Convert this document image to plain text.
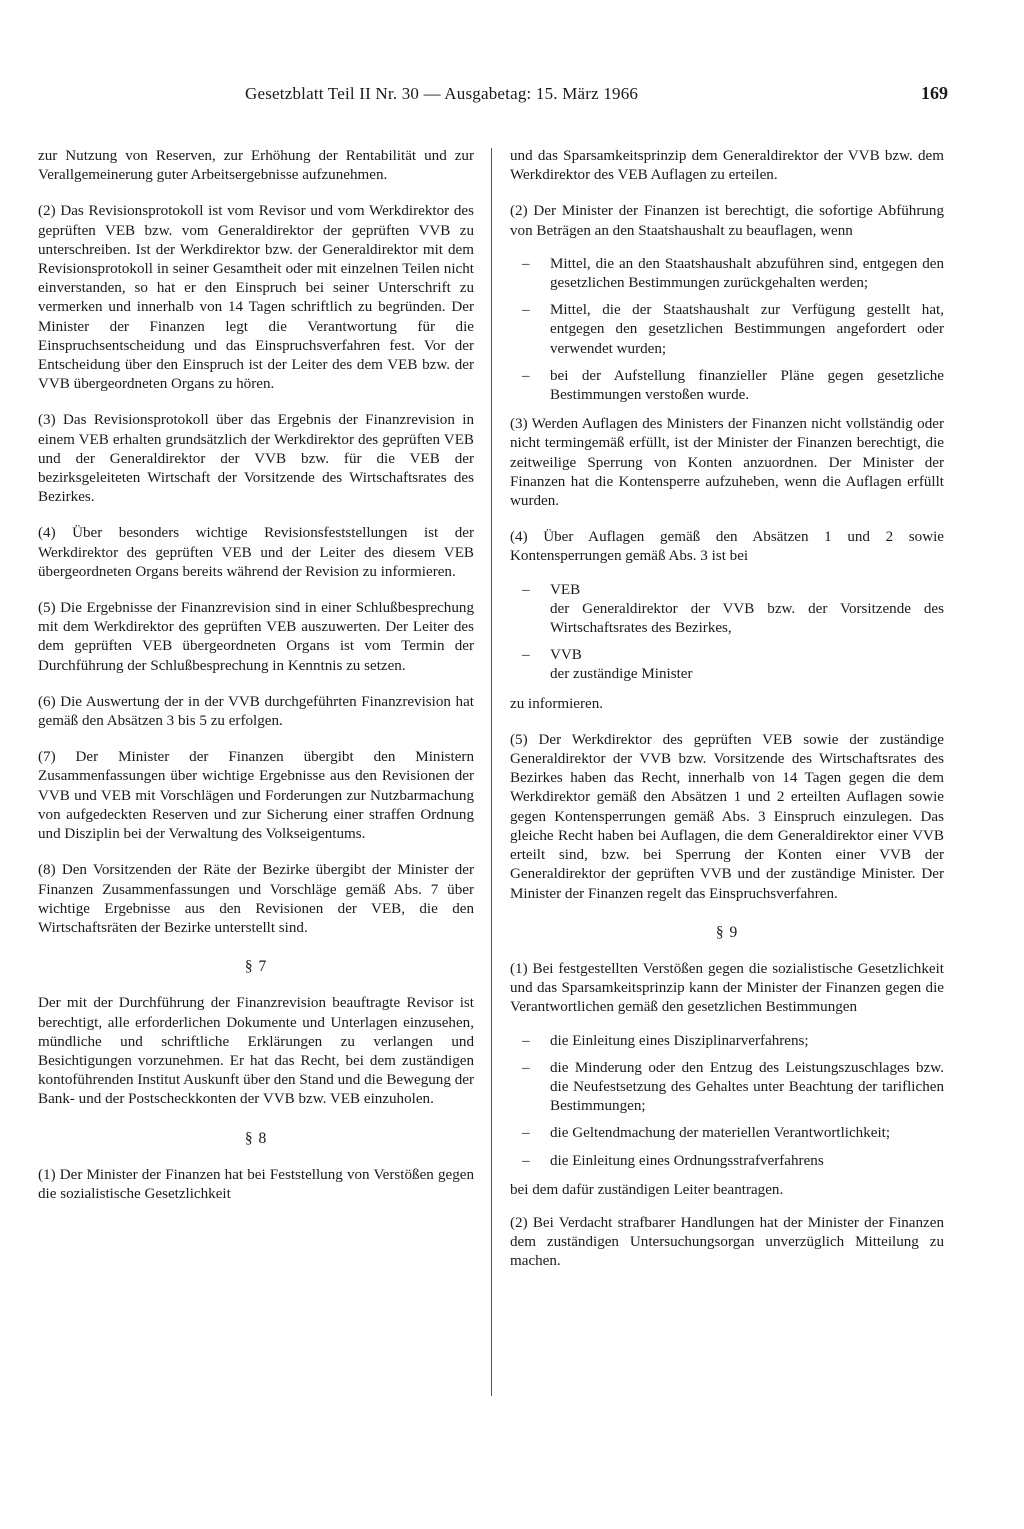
Gesetzblatt Teil II Nr. 30 — Ausgabetag: 15. März 1966	169

zur Nutzung von Reserven, zur Erhöhung der Rentabilität und zur Verallgemeinerung guter Arbeitsergebnisse aufzunehmen.

(2) Das Revisionsprotokoll ist vom Revisor und vom Werkdirektor des geprüften VEB bzw. vom Generaldirektor der geprüften VVB zu unterschreiben. Ist der Werkdirektor bzw. der Generaldirektor mit dem Revisionsprotokoll in seiner Gesamtheit oder mit einzelnen Teilen nicht einverstanden, so hat er den Einspruch bei seiner Unterschrift zu vermerken und innerhalb von 14 Tagen schriftlich zu begründen. Der Minister der Finanzen legt die Verantwortung für die Einspruchsentscheidung und das Einspruchsverfahren fest. Vor der Entscheidung über den Einspruch ist der Leiter des dem VEB bzw. der VVB übergeordneten Organs zu hören.

(3) Das Revisionsprotokoll über das Ergebnis der Finanzrevision in einem VEB erhalten grundsätzlich der Werkdirektor des geprüften VEB und der Generaldirektor der VVB bzw. für die VEB der bezirksgeleiteten Wirtschaft der Vorsitzende des Wirtschaftsrates des Bezirkes.

(4) Über besonders wichtige Revisionsfeststellungen ist der Werkdirektor des geprüften VEB und der Leiter des diesem VEB übergeordneten Organs bereits während der Revision zu informieren.

(5) Die Ergebnisse der Finanzrevision sind in einer Schlußbesprechung mit dem Werkdirektor des geprüften VEB auszuwerten. Der Leiter des dem geprüften VEB übergeordneten Organs ist vom Termin der Durchführung der Schlußbesprechung in Kenntnis zu setzen.

(6) Die Auswertung der in der VVB durchgeführten Finanzrevision hat gemäß den Absätzen 3 bis 5 zu erfolgen.

(7) Der Minister der Finanzen übergibt den Ministern Zusammenfassungen über wichtige Ergebnisse aus den Revisionen der VVB und VEB mit Vorschlägen und Forderungen zur Nutzbarmachung von aufgedeckten Reserven und zur Sicherung einer straffen Ordnung und Disziplin bei der Verwaltung des Volkseigentums.

(8) Den Vorsitzenden der Räte der Bezirke übergibt der Minister der Finanzen Zusammenfassungen und Vorschläge gemäß Abs. 7 über wichtige Ergebnisse aus den Revisionen der VEB, die den Wirtschaftsräten der Bezirke unterstellt sind.

§ 7

Der mit der Durchführung der Finanzrevision beauftragte Revisor ist berechtigt, alle erforderlichen Dokumente und Unterlagen einzusehen, mündliche und schriftliche Erklärungen zu verlangen und Besichtigungen vorzunehmen. Er hat das Recht, bei dem zuständigen kontoführenden Institut Auskunft über den Stand und die Bewegung der Bank- und der Postscheckkonten der VVB bzw. VEB einzuholen.

§ 8

(1) Der Minister der Finanzen hat bei Feststellung von Verstößen gegen die sozialistische Gesetzlichkeit

und das Sparsamkeitsprinzip dem Generaldirektor der VVB bzw. dem Werkdirektor des VEB Auflagen zu erteilen.

(2) Der Minister der Finanzen ist berechtigt, die sofortige Abführung von Beträgen an den Staatshaushalt zu beauflagen, wenn

– Mittel, die an den Staatshaushalt abzuführen sind, entgegen den gesetzlichen Bestimmungen zurückgehalten werden;
– Mittel, die der Staatshaushalt zur Verfügung gestellt hat, entgegen den gesetzlichen Bestimmungen angefordert oder verwendet wurden;
– bei der Aufstellung finanzieller Pläne gegen gesetzliche Bestimmungen verstoßen wurde.

(3) Werden Auflagen des Ministers der Finanzen nicht vollständig oder nicht termingemäß erfüllt, ist der Minister der Finanzen berechtigt, die zeitweilige Sperrung von Konten anzuordnen. Der Minister der Finanzen hat die Kontensperre aufzuheben, wenn die Auflagen erfüllt wurden.

(4) Über Auflagen gemäß den Absätzen 1 und 2 sowie Kontensperrungen gemäß Abs. 3 ist bei

– VEB
der Generaldirektor der VVB bzw. der Vorsitzende des Wirtschaftsrates des Bezirkes,
– VVB
der zuständige Minister

zu informieren.

(5) Der Werkdirektor des geprüften VEB sowie der zuständige Generaldirektor der VVB bzw. Vorsitzende des Wirtschaftsrates des Bezirkes haben das Recht, innerhalb von 14 Tagen gegen die dem Werkdirektor gemäß den Absätzen 1 und 2 erteilten Auflagen sowie gegen Kontensperrungen gemäß Abs. 3 Einspruch einzulegen. Das gleiche Recht haben bei Auflagen, die dem Generaldirektor einer VVB erteilt sind, bzw. bei Sperrung der Konten einer VVB der Generaldirektor der geprüften VVB und der zuständige Minister. Der Minister der Finanzen regelt das Einspruchsverfahren.

§ 9

(1) Bei festgestellten Verstößen gegen die sozialistische Gesetzlichkeit und das Sparsamkeitsprinzip kann der Minister der Finanzen gegen die Verantwortlichen gemäß den gesetzlichen Bestimmungen

– die Einleitung eines Disziplinarverfahrens;
– die Minderung oder den Entzug des Leistungszuschlages bzw. die Neufestsetzung des Gehaltes unter Beachtung der tariflichen Bestimmungen;
– die Geltendmachung der materiellen Verantwortlichkeit;
– die Einleitung eines Ordnungsstrafverfahrens

bei dem dafür zuständigen Leiter beantragen.

(2) Bei Verdacht strafbarer Handlungen hat der Minister der Finanzen dem zuständigen Untersuchungsorgan unverzüglich Mitteilung zu machen.
